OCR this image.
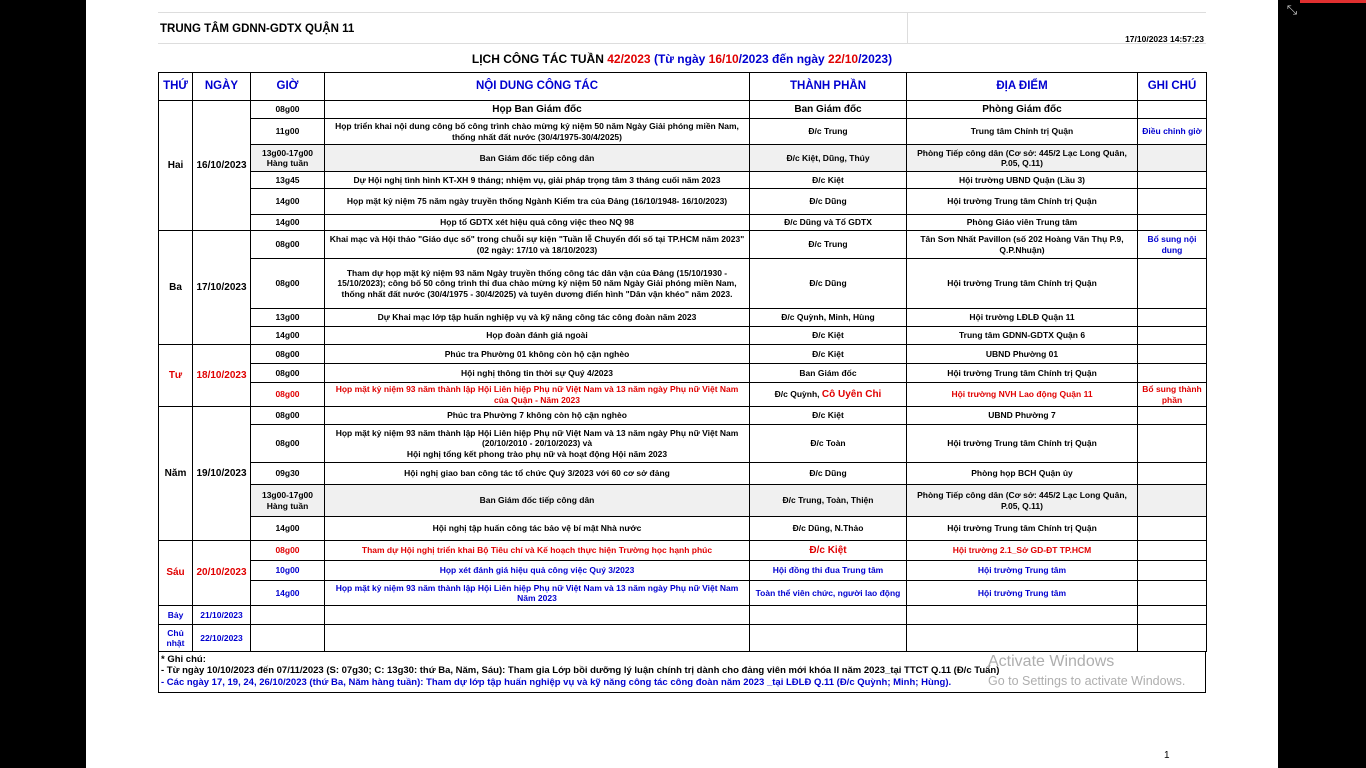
TRUNG TÂM GDNN-GDTX QUẬN 11
17/10/2023 14:57:23
LỊCH CÔNG TÁC TUẦN 42/2023 (Từ ngày 16/10/2023 đến ngày 22/10/2023)
THỨ	NGÀY	GIỜ	NỘI DUNG CÔNG TÁC	THÀNH PHẦN	ĐỊA ĐIỂM	GHI CHÚ
Hai	16/10/2023	08g00	Họp Ban Giám đốc	Ban Giám đốc	Phòng Giám đốc	
		11g00	Họp triển khai nội dung công bố công trình chào mừng kỷ niệm 50 năm Ngày Giải phóng miền Nam, thống nhất đất nước (30/4/1975-30/4/2025)	Đ/c Trung	Trung tâm Chính trị Quận	Điều chỉnh giờ
		13g00-17g00 Hàng tuần	Ban Giám đốc tiếp công dân	Đ/c Kiệt, Dũng, Thúy	Phòng Tiếp công dân (Cơ sở: 445/2 Lạc Long Quân, P.05, Q.11)	
		13g45	Dự Hội nghị tình hình KT-XH 9 tháng; nhiệm vụ, giải pháp trọng tâm 3 tháng cuối năm 2023	Đ/c Kiệt	Hội trường UBND Quận (Lầu 3)	
		14g00	Họp mặt kỷ niệm 75 năm ngày truyền thống Ngành Kiểm tra của Đảng (16/10/1948- 16/10/2023)	Đ/c Dũng	Hội trường Trung tâm Chính trị Quận	
		14g00	Họp tổ GDTX xét hiệu quả công việc theo NQ 98	Đ/c Dũng và Tổ GDTX	Phòng Giáo viên Trung tâm	
Ba	17/10/2023	08g00	Khai mạc và Hội thảo "Giáo dục số" trong chuỗi sự kiện "Tuần lễ Chuyển đổi số tại TP.HCM năm 2023" (02 ngày: 17/10 và 18/10/2023)	Đ/c Trung	Tân Sơn Nhất Pavillon (số 202 Hoàng Văn Thụ P.9, Q.P.Nhuận)	Bổ sung nội dung
		08g00	Tham dự họp mặt kỷ niệm 93 năm Ngày truyền thống công tác dân vận của Đảng (15/10/1930 - 15/10/2023); công bố 50 công trình thi đua chào mừng kỷ niệm 50 năm Ngày Giải phóng miền Nam, thống nhất đất nước (30/4/1975 - 30/4/2025) và tuyên dương điển hình "Dân vận khéo" năm 2023.	Đ/c Dũng	Hội trường Trung tâm Chính trị Quận	
		13g00	Dự Khai mạc lớp tập huấn nghiệp vụ và kỹ năng công tác công đoàn năm 2023	Đ/c Quỳnh, Minh, Hùng	Hội trường LĐLĐ Quận 11	
		14g00	Họp đoàn đánh giá ngoài	Đ/c Kiệt	Trung tâm GDNN-GDTX Quận 6	
Tư	18/10/2023	08g00	Phúc tra Phường 01 không còn hộ cận nghèo	Đ/c Kiệt	UBND Phường 01	
		08g00	Hội nghị thông tin thời sự Quý 4/2023	Ban Giám đốc	Hội trường Trung tâm Chính trị Quận	
		08g00	Họp mặt kỷ niệm 93 năm thành lập Hội Liên hiệp Phụ nữ Việt Nam và 13 năm ngày Phụ nữ Việt Nam của Quận - Năm 2023	Đ/c Quỳnh, Cô Uyên Chi	Hội trường NVH Lao động Quận 11	Bổ sung thành phần
Năm	19/10/2023	08g00	Phúc tra Phường 7 không còn hộ cận nghèo	Đ/c Kiệt	UBND Phường 7	
		08g00	Họp mặt kỷ niệm 93 năm thành lập Hội Liên hiệp Phụ nữ Việt Nam và 13 năm ngày Phụ nữ Việt Nam (20/10/2010 - 20/10/2023) và
Hội nghị tổng kết phong trào phụ nữ và hoạt động Hội năm 2023	Đ/c Toàn	Hội trường Trung tâm Chính trị Quận	
		09g30	Hội nghị giao ban công tác tổ chức Quý 3/2023 với 60 cơ sở đảng	Đ/c Dũng	Phòng họp BCH Quận ủy	
		13g00-17g00 Hàng tuần	Ban Giám đốc tiếp công dân	Đ/c Trung, Toàn, Thiện	Phòng Tiếp công dân (Cơ sở: 445/2 Lạc Long Quân, P.05, Q.11)	
		14g00	Hội nghị tập huấn công tác bảo vệ bí mật Nhà nước	Đ/c Dũng, N.Thảo	Hội trường Trung tâm Chính trị Quận	
Sáu	20/10/2023	08g00	Tham dự Hội nghị triển khai Bộ Tiêu chí và Kế hoạch thực hiện Trường học hạnh phúc	Đ/c Kiệt	Hội trường 2.1_Sở GD-ĐT TP.HCM	
		10g00	Họp xét đánh giá hiệu quả công việc Quý 3/2023	Hội đồng thi đua Trung tâm	Hội trường Trung tâm	
		14g00	Họp mặt kỷ niệm 93 năm thành lập Hội Liên hiệp Phụ nữ Việt Nam và 13 năm ngày Phụ nữ Việt Nam Năm 2023	Toàn thể viên chức, người lao động	Hội trường Trung tâm	
Bảy	21/10/2023					
Chủ nhật	22/10/2023					
* Ghi chú:
- Từ ngày 10/10/2023 đến 07/11/2023 (S: 07g30; C: 13g30: thứ Ba, Năm, Sáu): Tham gia Lớp bồi dưỡng lý luận chính trị dành cho đảng viên mới khóa II năm 2023_tại TTCT Q.11 (Đ/c Tuấn)
- Các ngày 17, 19, 24, 26/10/2023 (thứ Ba, Năm hàng tuần): Tham dự lớp tập huấn nghiệp vụ và kỹ năng công tác công đoàn năm 2023 _tại LĐLĐ Q.11 (Đ/c Quỳnh; Minh; Hùng).
⤡
Activate Windows
Go to Settings to activate Windows.
1
